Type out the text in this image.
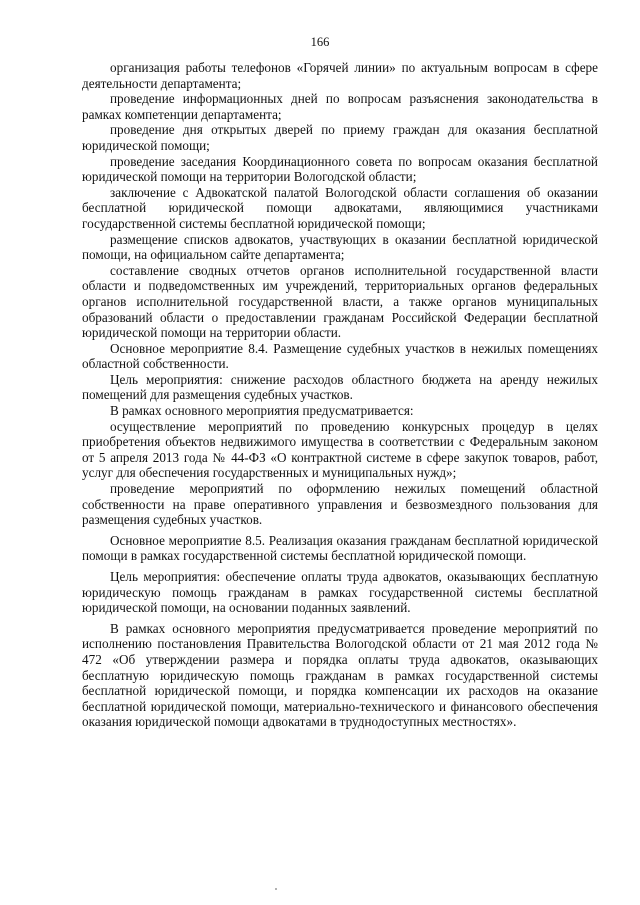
166

организация работы телефонов «Горячей линии» по актуальным вопросам в сфере деятельности департамента;

проведение информационных дней по вопросам разъяснения законодательства в рамках компетенции департамента;

проведение дня открытых дверей по приему граждан для оказания бесплатной юридической помощи;

проведение заседания Координационного совета по вопросам оказания бесплатной юридической помощи на территории Вологодской области;

заключение с Адвокатской палатой Вологодской области соглашения об оказании бесплатной юридической помощи адвокатами, являющимися участниками государственной системы бесплатной юридической помощи;

размещение списков адвокатов, участвующих в оказании бесплатной юридической помощи, на официальном сайте департамента;

составление сводных отчетов органов исполнительной государственной власти области и подведомственных им учреждений, территориальных органов федеральных органов исполнительной государственной власти, а также органов муниципальных образований области о предоставлении гражданам Российской Федерации бесплатной юридической помощи на территории области.

Основное мероприятие 8.4. Размещение судебных участков в нежилых помещениях областной собственности.

Цель мероприятия: снижение расходов областного бюджета на аренду нежилых помещений для размещения судебных участков.

В рамках основного мероприятия предусматривается:

осуществление мероприятий по проведению конкурсных процедур в целях приобретения объектов недвижимого имущества в соответствии с Федеральным законом от 5 апреля 2013 года № 44-ФЗ «О контрактной системе в сфере закупок товаров, работ, услуг для обеспечения государственных и муниципальных нужд»;

проведение мероприятий по оформлению нежилых помещений областной собственности на праве оперативного управления и безвозмездного пользования для размещения судебных участков.

Основное мероприятие 8.5. Реализация оказания гражданам бесплатной юридической помощи в рамках государственной системы бесплатной юридической помощи.

Цель мероприятия: обеспечение оплаты труда адвокатов, оказывающих бесплатную юридическую помощь гражданам в рамках государственной системы бесплатной юридической помощи, на основании поданных заявлений.

В рамках основного мероприятия предусматривается проведение мероприятий по исполнению постановления Правительства Вологодской области от 21 мая 2012 года № 472 «Об утверждении размера и порядка оплаты труда адвокатов, оказывающих бесплатную юридическую помощь гражданам в рамках государственной системы бесплатной юридической помощи, и порядка компенсации их расходов на оказание бесплатной юридической помощи, материально-технического и финансового обеспечения оказания юридической помощи адвокатами в труднодоступных местностях».
